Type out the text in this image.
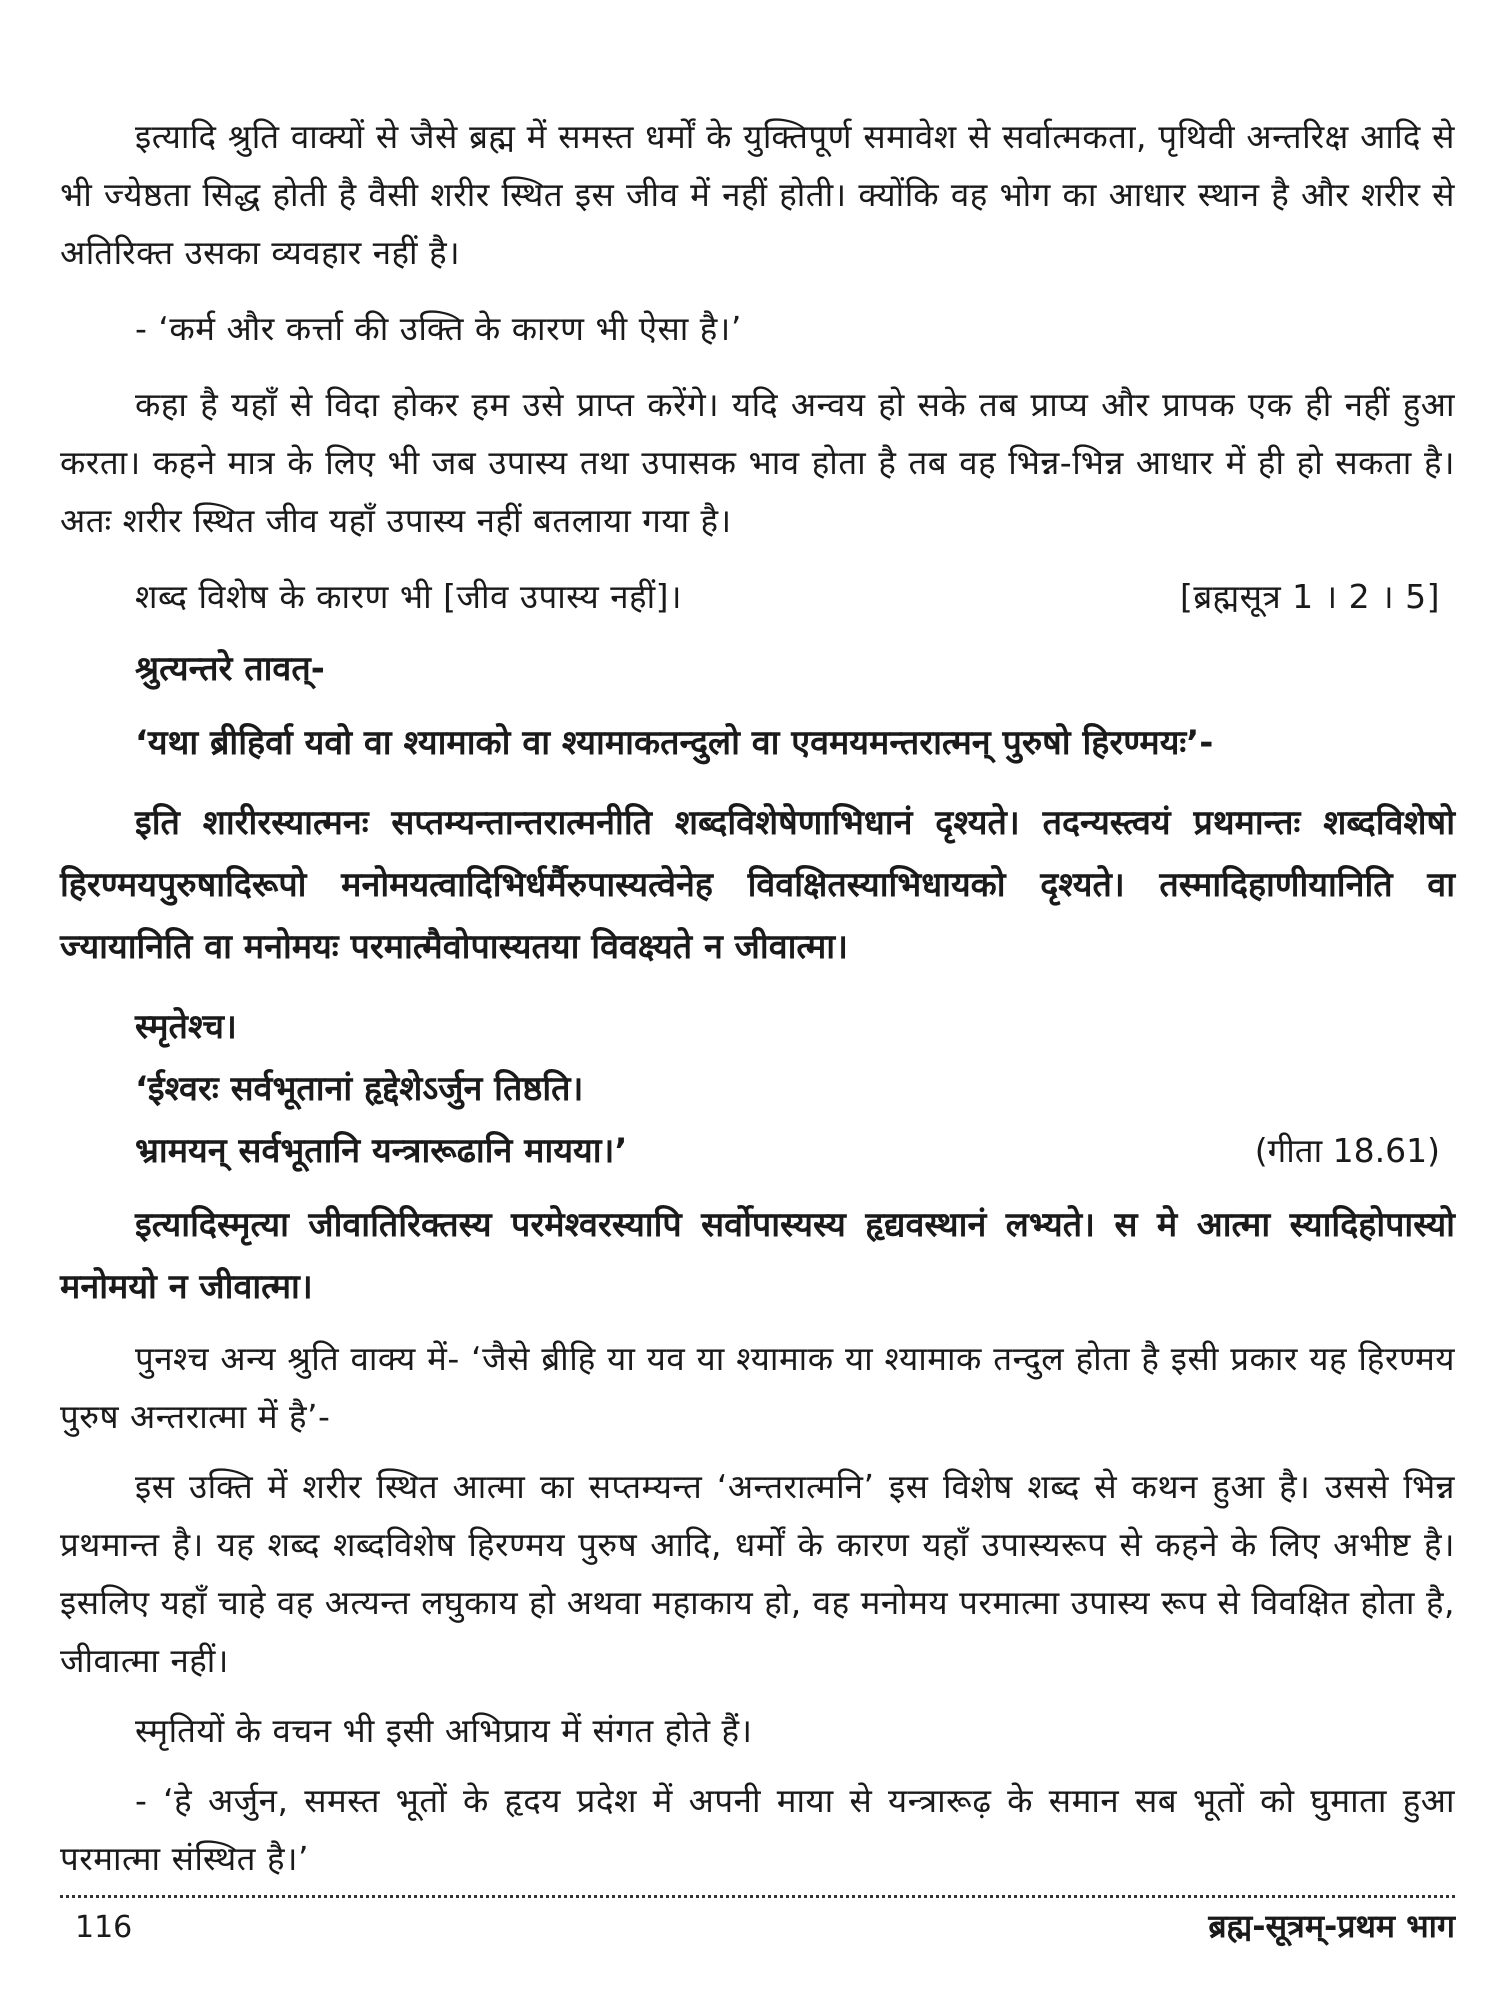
इत्यादि श्रुति वाक्यों से जैसे ब्रह्म में समस्त धर्मों के युक्तिपूर्ण समावेश से सर्वात्मकता, पृथिवी अन्तरिक्ष आदि से भी ज्येष्ठता सिद्ध होती है वैसी शरीर स्थित इस जीव में नहीं होती। क्योंकि वह भोग का आधार स्थान है और शरीर से अतिरिक्त उसका व्यवहार नहीं है।

- ‘कर्म और कर्त्ता की उक्ति के कारण भी ऐसा है।’

कहा है यहाँ से विदा होकर हम उसे प्राप्त करेंगे। यदि अन्वय हो सके तब प्राप्य और प्रापक एक ही नहीं हुआ करता। कहने मात्र के लिए भी जब उपास्य तथा उपासक भाव होता है तब वह भिन्न-भिन्न आधार में ही हो सकता है। अतः शरीर स्थित जीव यहाँ उपास्य नहीं बतलाया गया है।

शब्द विशेष के कारण भी [जीव उपास्य नहीं]।	[ब्रह्मसूत्र 1 । 2 । 5]

श्रुत्यन्तरे तावत्-

‘यथा ब्रीहिर्वा यवो वा श्यामाको वा श्यामाकतन्दुलो वा एवमयमन्तरात्मन् पुरुषो हिरण्मयः’-

इति शारीरस्यात्मनः सप्तम्यन्तान्तरात्मनीति शब्दविशेषेणाभिधानं दृश्यते। तदन्यस्त्वयं प्रथमान्तः शब्दविशेषो हिरण्मयपुरुषादिरूपो मनोमयत्वादिभिर्धर्मैरुपास्यत्वेनेह विवक्षितस्याभिधायको दृश्यते। तस्मादिहाणीयानिति वा ज्यायानिति वा मनोमयः परमात्मैवोपास्यतया विवक्ष्यते न जीवात्मा।

स्मृतेश्च।

‘ईश्वरः सर्वभूतानां हृद्देशेऽर्जुन तिष्ठति।

भ्रामयन् सर्वभूतानि यन्त्रारूढानि मायया।’	(गीता 18.61)

इत्यादिस्मृत्या जीवातिरिक्तस्य परमेश्वरस्यापि सर्वोपास्यस्य हृद्यवस्थानं लभ्यते। स मे आत्मा स्यादिहोपास्यो मनोमयो न जीवात्मा।

पुनश्च अन्य श्रुति वाक्य में- ‘जैसे ब्रीहि या यव या श्यामाक या श्यामाक तन्दुल होता है इसी प्रकार यह हिरण्मय पुरुष अन्तरात्मा में है’-

इस उक्ति में शरीर स्थित आत्मा का सप्तम्यन्त ‘अन्तरात्मनि’ इस विशेष शब्द से कथन हुआ है। उससे भिन्न प्रथमान्त है। यह शब्द शब्दविशेष हिरण्मय पुरुष आदि, धर्मों के कारण यहाँ उपास्यरूप से कहने के लिए अभीष्ट है। इसलिए यहाँ चाहे वह अत्यन्त लघुकाय हो अथवा महाकाय हो, वह मनोमय परमात्मा उपास्य रूप से विवक्षित होता है, जीवात्मा नहीं।

स्मृतियों के वचन भी इसी अभिप्राय में संगत होते हैं।

- ‘हे अर्जुन, समस्त भूतों के हृदय प्रदेश में अपनी माया से यन्त्रारूढ़ के समान सब भूतों को घुमाता हुआ परमात्मा संस्थित है।’

116	ब्रह्म-सूत्रम्-प्रथम भाग
